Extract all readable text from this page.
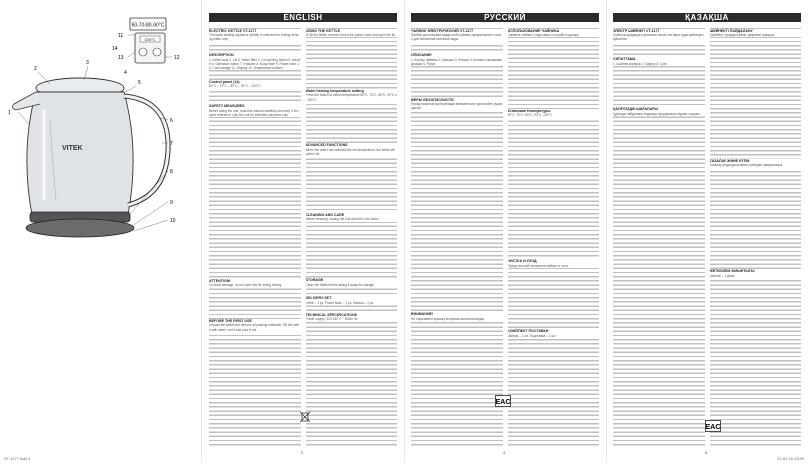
60-70-80-90°C
100°C
11
12
13
14
VITEK
1
2
3
4
5
6
7
8
9
10
ENGLISH
ELECTRIC KETTLE VT-1177
The liquid heating appliance (kettle) is intended for boiling drinking water only.
DESCRIPTION
1. Kettle body 2. Lid 3. Water filter 4. Lid opening button 5. Handle 6. Operation button 7. Indicator 8. Body base 9. Power base 10. Cord storage 11. Display 12. Temperature buttons
Control panel (14)
60°C – 70°C – 80°C – 90°C – 100°C
SAFETY MEASURES
Before using the unit, read this manual carefully and keep it for future reference. Use the unit for intended purposes only.
ATTENTION!
To avoid damage, do not open the lid during boiling.
BEFORE THE FIRST USE
Unpack the kettle and remove all packing materials. Fill the kettle with water, boil it and pour it out.
USING THE KETTLE
To fill the kettle, remove it from the power base and open the lid.
Water heating temperature setting
Press the button to select temperature 60°C, 70°C, 80°C, 90°C or 100°C.
ADVANCED FUNCTIONS
When the water has reached the set temperature, the kettle will switch off.
CLEANING AND CARE
Before cleaning, unplug the unit and let it cool down.
STORAGE
Clean the kettle before taking it away for storage.
DELIVERY SET
Kettle – 1 pc. Power base – 1 pc. Manual – 1 pc.
TECHNICAL SPECIFICATIONS
Power supply: 220-240 V ~ 50/60 Hz
2
РУССКИЙ
ЧАЙНИК ЭЛЕКТРИЧЕСКИЙ VT-1177
Прибор для нагрева жидкостей (чайник) предназначен только для кипячения питьевой воды.
ОПИСАНИЕ
1. Корпус чайника 2. Крышка 3. Фильтр 4. Кнопка открывания крышки 5. Ручка
МЕРЫ БЕЗОПАСНОСТИ
Перед началом эксплуатации внимательно прочитайте руководство.
ВНИМАНИЕ!
Не открывайте крышку во время кипячения воды.
ИСПОЛЬЗОВАНИЕ ЧАЙНИКА
Снимите чайник с подставки и откройте крышку.
Установка температуры
60°C, 70°C, 80°C, 90°C, 100°C
ЧИСТКА И УХОД
Перед чисткой отключите чайник от сети.
КОМПЛЕКТ ПОСТАВКИ
Чайник – 1 шт. Подставка – 1 шт.
4
ҚАЗАҚША
ЭЛЕКТР ШӘЙНЕГІ VT-1177
Сұйықты қыздыруға арналған аспап тек ауыз суды қайнатуға арналған.
СИПАТТАМА
1. Шәйнек корпусы 2. Қақпақ 3. Сүзгі
ҚАУІПСІЗДІК ШАРАЛАРЫ
Құралды пайдалану алдында нұсқаулықты мұқият оқыңыз.
ШӘЙНЕКТІ ПАЙДАЛАНУ
Шәйнекті тұғырдан алып, қақпағын ашыңыз.
ТАЗАЛАУ ЖӘНЕ КҮТІМ
Тазалау алдында шәйнекті желіден ажыратыңыз.
ЖЕТКІЗІЛІМ ЖИЫНТЫҒЫ
Шәйнек – 1 дана
6
EAC
EAC
VT-1177.indd 1	22.02.16 13:59
